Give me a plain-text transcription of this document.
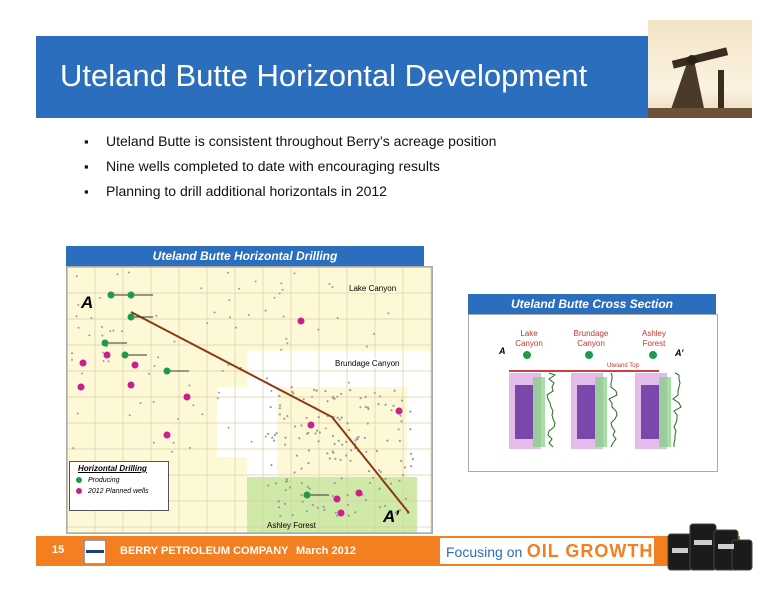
Uteland Butte Horizontal Development
▪ Uteland Butte is consistent throughout Berry’s acreage position
▪ Nine wells completed to date with encouraging results
▪ Planning to drill additional horizontals in 2012
Uteland Butte Horizontal Drilling
A
Lake Canyon
Brundage Canyon
Ashley Forest	A’
Horizontal Drilling
Producing
2012 Planned wells
Uteland Butte Cross Section
Lake
Canyon
Brundage
Canyon
Ashley
Forest
A	A’
Uteland Top
15	BERRY PETROLEUM COMPANY March 2012	Focusing on OIL GROWTH
